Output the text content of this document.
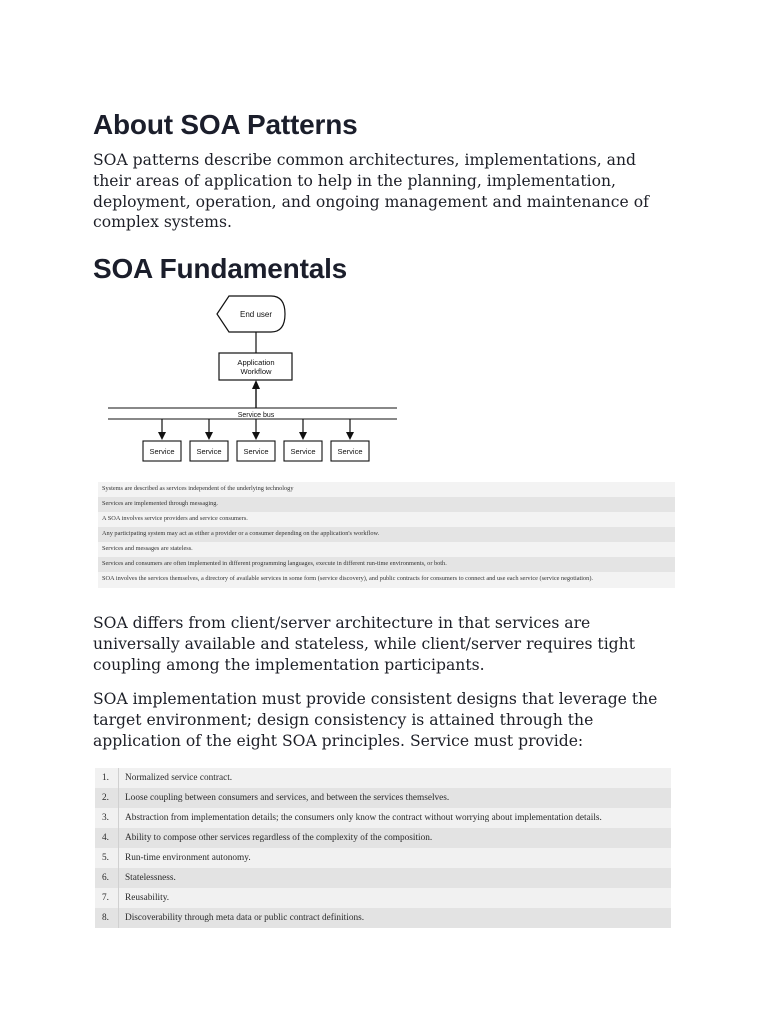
About SOA Patterns

SOA patterns describe common architectures, implementations, and their areas of application to help in the planning, implementation, deployment, operation, and ongoing management and maintenance of complex systems.

SOA Fundamentals
End user
Application
Workflow
Service bus
Service	Service	Service	Service	Service
Systems are described as services independent of the underlying technology
Services are implemented through messaging.
A SOA involves service providers and service consumers.
Any participating system may act as either a provider or a consumer depending on the application's workflow.
Services and messages are stateless.
Services and consumers are often implemented in different programming languages, execute in different run-time environments, or both.
SOA involves the services themselves, a directory of available services in some form (service discovery), and public contracts for consumers to connect and use each service (service negotiation).

SOA differs from client/server architecture in that services are universally available and stateless, while client/server requires tight coupling among the implementation participants.

SOA implementation must provide consistent designs that leverage the target environment; design consistency is attained through the application of the eight SOA principles. Service must provide:

1.	Normalized service contract.
2.	Loose coupling between consumers and services, and between the services themselves.
3.	Abstraction from implementation details; the consumers only know the contract without worrying about implementation details.
4.	Ability to compose other services regardless of the complexity of the composition.
5.	Run-time environment autonomy.
6.	Statelessness.
7.	Reusability.
8.	Discoverability through meta data or public contract definitions.
